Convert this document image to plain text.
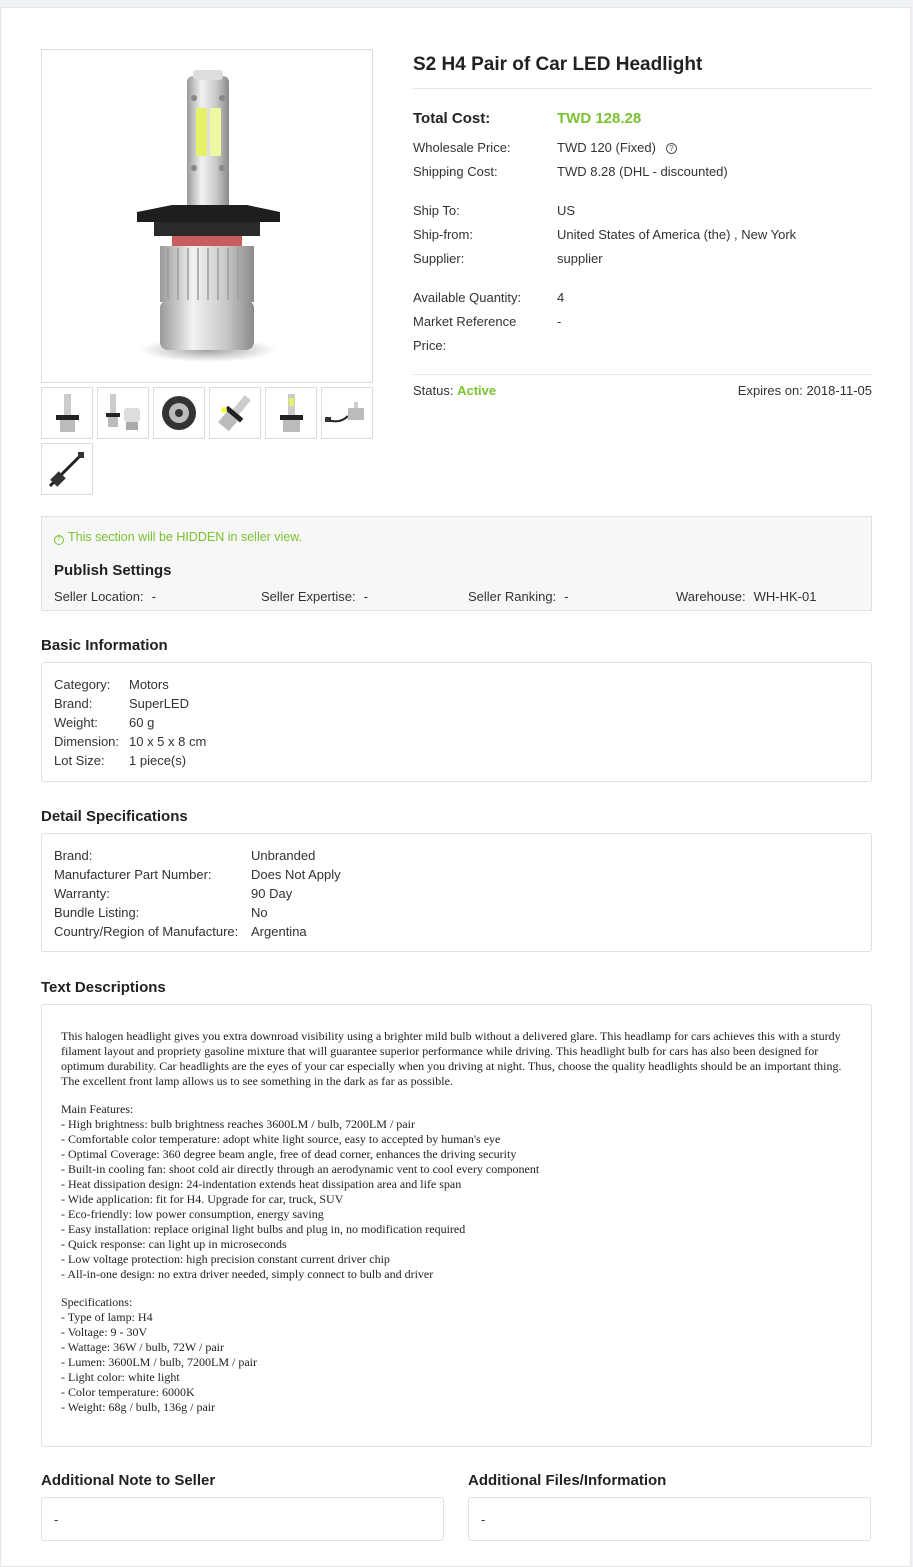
S2 H4 Pair of Car LED Headlight
Total Cost:	TWD 128.28
Wholesale Price:	TWD 120 (Fixed) ?
Shipping Cost:	TWD 8.28 (DHL - discounted)
Ship To:	US
Ship-from:	United States of America (the) , New York
Supplier:	supplier
Available Quantity:	4
Market Reference	-
Price:
Status: Active	Expires on: 2018-11-05
? This section will be HIDDEN in seller view.
Publish Settings
Seller Location: -	Seller Expertise: -	Seller Ranking: -	Warehouse: WH-HK-01
Basic Information
Category: Motors
Brand:	SuperLED
Weight: 60 g
Dimension: 10 x 5 x 8 cm
Lot Size: 1 piece(s)
Detail Specifications
Brand:	Unbranded
Manufacturer Part Number:	Does Not Apply
Warranty:	90 Day
Bundle Listing:	No
Country/Region of Manufacture: Argentina
Text Descriptions

This halogen headlight gives you extra downroad visibility using a brighter mild bulb without a delivered glare. This headlamp for cars achieves this with a sturdy filament layout and propriety gasoline mixture that will guarantee superior performance while driving. This headlight bulb for cars has also been designed for optimum durability. Car headlights are the eyes of your car especially when you driving at night. Thus, choose the quality headlights should be an important thing. The excellent front lamp allows us to see something in the dark as far as possible.

Main Features:
- High brightness: bulb brightness reaches 3600LM / bulb, 7200LM / pair
- Comfortable color temperature: adopt white light source, easy to accepted by human's eye
- Optimal Coverage: 360 degree beam angle, free of dead corner, enhances the driving security
- Built-in cooling fan: shoot cold air directly through an aerodynamic vent to cool every component
- Heat dissipation design: 24-indentation extends heat dissipation area and life span
- Wide application: fit for H4. Upgrade for car, truck, SUV
- Eco-friendly: low power consumption, energy saving
- Easy installation: replace original light bulbs and plug in, no modification required
- Quick response: can light up in microseconds
- Low voltage protection: high precision constant current driver chip
- All-in-one design: no extra driver needed, simply connect to bulb and driver

Specifications:
- Type of lamp: H4
- Voltage: 9 - 30V
- Wattage: 36W / bulb, 72W / pair
- Lumen: 3600LM / bulb, 7200LM / pair
- Light color: white light
- Color temperature: 6000K
- Weight: 68g / bulb, 136g / pair

Additional Note to Seller
-
Additional Files/Information
-
